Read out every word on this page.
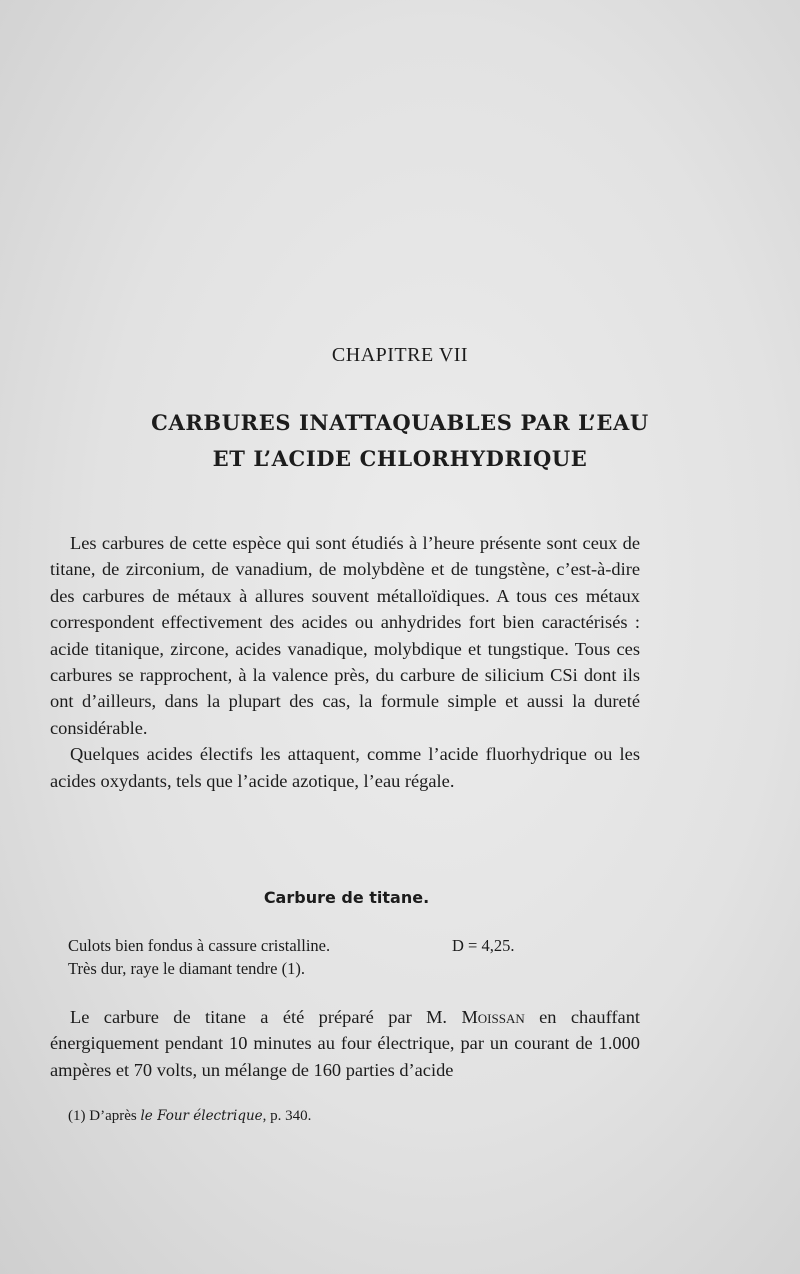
CHAPITRE VII
CARBURES INATTAQUABLES PAR L’EAU
ET L’ACIDE CHLORHYDRIQUE

Les carbures de cette espèce qui sont étudiés à l’heure présente sont ceux de titane, de zirconium, de vanadium, de molybdène et de tungstène, c’est-à-dire des carbures de métaux à allures souvent métalloïdiques. A tous ces métaux correspondent effectivement des acides ou anhydrides fort bien caractérisés : acide titanique, zircone, acides vanadique, molybdique et tungstique. Tous ces carbures se rapprochent, à la valence près, du carbure de silicium CSi dont ils ont d’ailleurs, dans la plupart des cas, la formule simple et aussi la dureté considérable.

Quelques acides électifs les attaquent, comme l’acide fluorhydrique ou les acides oxydants, tels que l’acide azotique, l’eau régale.

Carbure de titane.
Culots bien fondus à cassure cristalline.	D = 4,25.
Très dur, raye le diamant tendre (1).

Le carbure de titane a été préparé par M. Moissan en chauffant énergiquement pendant 10 minutes au four électrique, par un courant de 1.000 ampères et 70 volts, un mélange de 160 parties d’acide

(1) D’après le Four électrique, p. 340.
